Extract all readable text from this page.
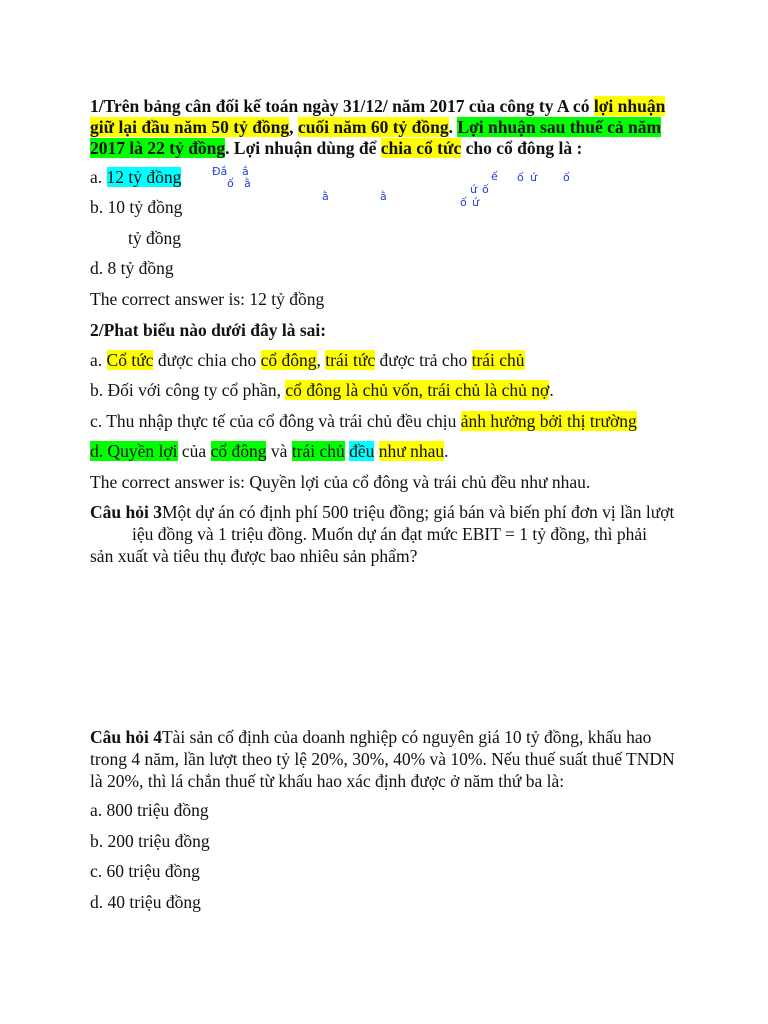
1/Trên bảng cân đối kế toán ngày 31/12/ năm 2017 của công ty A có lợi nhuận
giữ lại đầu năm 50 tỷ đồng, cuối năm 60 tỷ đồng. Lợi nhuận sau thuế cả năm
2017 là 22 tỷ đồng. Lợi nhuận dùng để chia cổ tức cho cổ đông là :
a. 12 tỷ đồng	Đắ ắ
ố ằ
ằ	ằ
ế ố ứ ố
ứ ố
ố ứ
b. 10 tỷ đồng
tỷ đồng
d. 8 tỷ đồng
The correct answer is: 12 tỷ đồng
2/Phat biểu nào dưới đây là sai:
a. Cổ tức được chia cho cổ đông, trái tức được trả cho trái chủ
b. Đối với công ty cổ phần, cổ đông là chủ vốn, trái chủ là chủ nợ.
c. Thu nhập thực tế của cổ đông và trái chủ đều chịu ảnh hưởng bởi thị trường
d. Quyền lợi của cổ đông và trái chủ đều như nhau.
The correct answer is: Quyền lợi của cổ đông và trái chủ đều như nhau.
Câu hỏi 3Một dự án có định phí 500 triệu đồng; giá bán và biến phí đơn vị lần lượt
iệu đồng và 1 triệu đồng. Muốn dự án đạt mức EBIT = 1 tỷ đồng, thì phải
sản xuất và tiêu thụ được bao nhiêu sản phẩm?
Câu hỏi 4Tài sản cố định của doanh nghiệp có nguyên giá 10 tỷ đồng, khấu hao
trong 4 năm, lần lượt theo tỷ lệ 20%, 30%, 40% và 10%. Nếu thuế suất thuế TNDN
là 20%, thì lá chắn thuế từ khấu hao xác định được ở năm thứ ba là:
a. 800 triệu đồng
b. 200 triệu đồng
c. 60 triệu đồng
d. 40 triệu đồng
